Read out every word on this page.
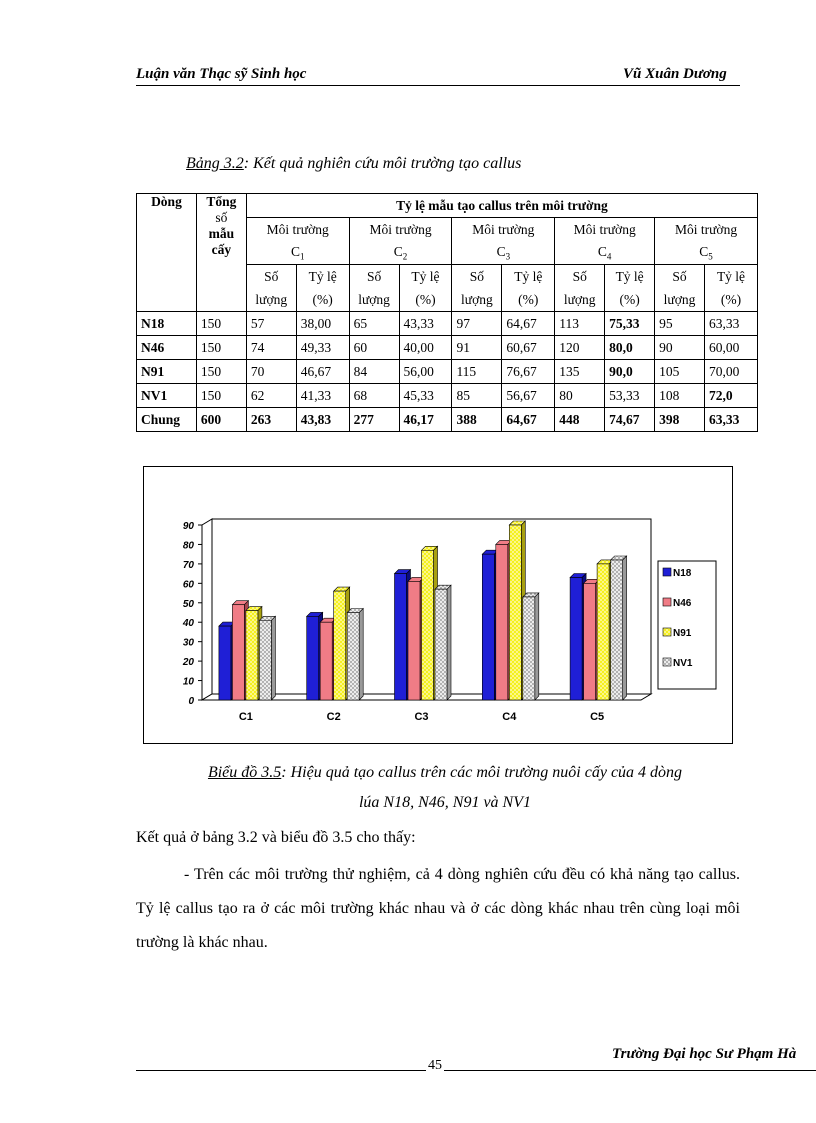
Luận văn Thạc sỹ Sinh học	Vũ Xuân Dương
Bảng 3.2: Kết quả nghiên cứu môi trường tạo callus
Dòng	Tổng
số
mẫu
cấy	Tỷ lệ mẫu tạo callus trên môi trường									
		Môi trường		Môi trường		Môi trường		Môi trường		Môi trường	
		$C_1$		$C_2$		$C_3$		$C_4$		$C_5$
		Số	Tỷ lệ	Số	Tỷ lệ	Số	Tỷ lệ	Số	Tỷ lệ	Số	Tỷ lệ
		lượng	(%)	lượng	(%)	lượng	(%)	lượng	(%)	lượng	(%)
N18	150	57	38,00	65	43,33	97	64,67	113	75,33	95	63,33
N46	150	74	49,33	60	40,00	91	60,67	120	80,0	90	60,00
N91	150	70	46,67	84	56,00	115	76,67	135	90,0	105	70,00
NV1	150	62	41,33	68	45,33	85	56,67	80	53,33	108	72,0
Chung	600	263	43,83	277	46,17	388	64,67	448	74,67	398	63,33
0
10
20
30
40
50
60
70
80
90
C1	C2	C3	C4	C5
N18
N46
N91
NV1
Biểu đồ 3.5: Hiệu quả tạo callus trên các môi trường nuôi cấy của 4 dòng
lúa N18, N46, N91 và NV1
Kết quả ở bảng 3.2 và biểu đồ 3.5 cho thấy:
- Trên các môi trường thử nghiệm, cả 4 dòng nghiên cứu đều có khả năng tạo callus. Tỷ lệ callus tạo ra ở các môi trường khác nhau và ở các dòng khác nhau trên cùng loại môi trường là khác nhau.
Trường Đại học Sư Phạm Hà
45
